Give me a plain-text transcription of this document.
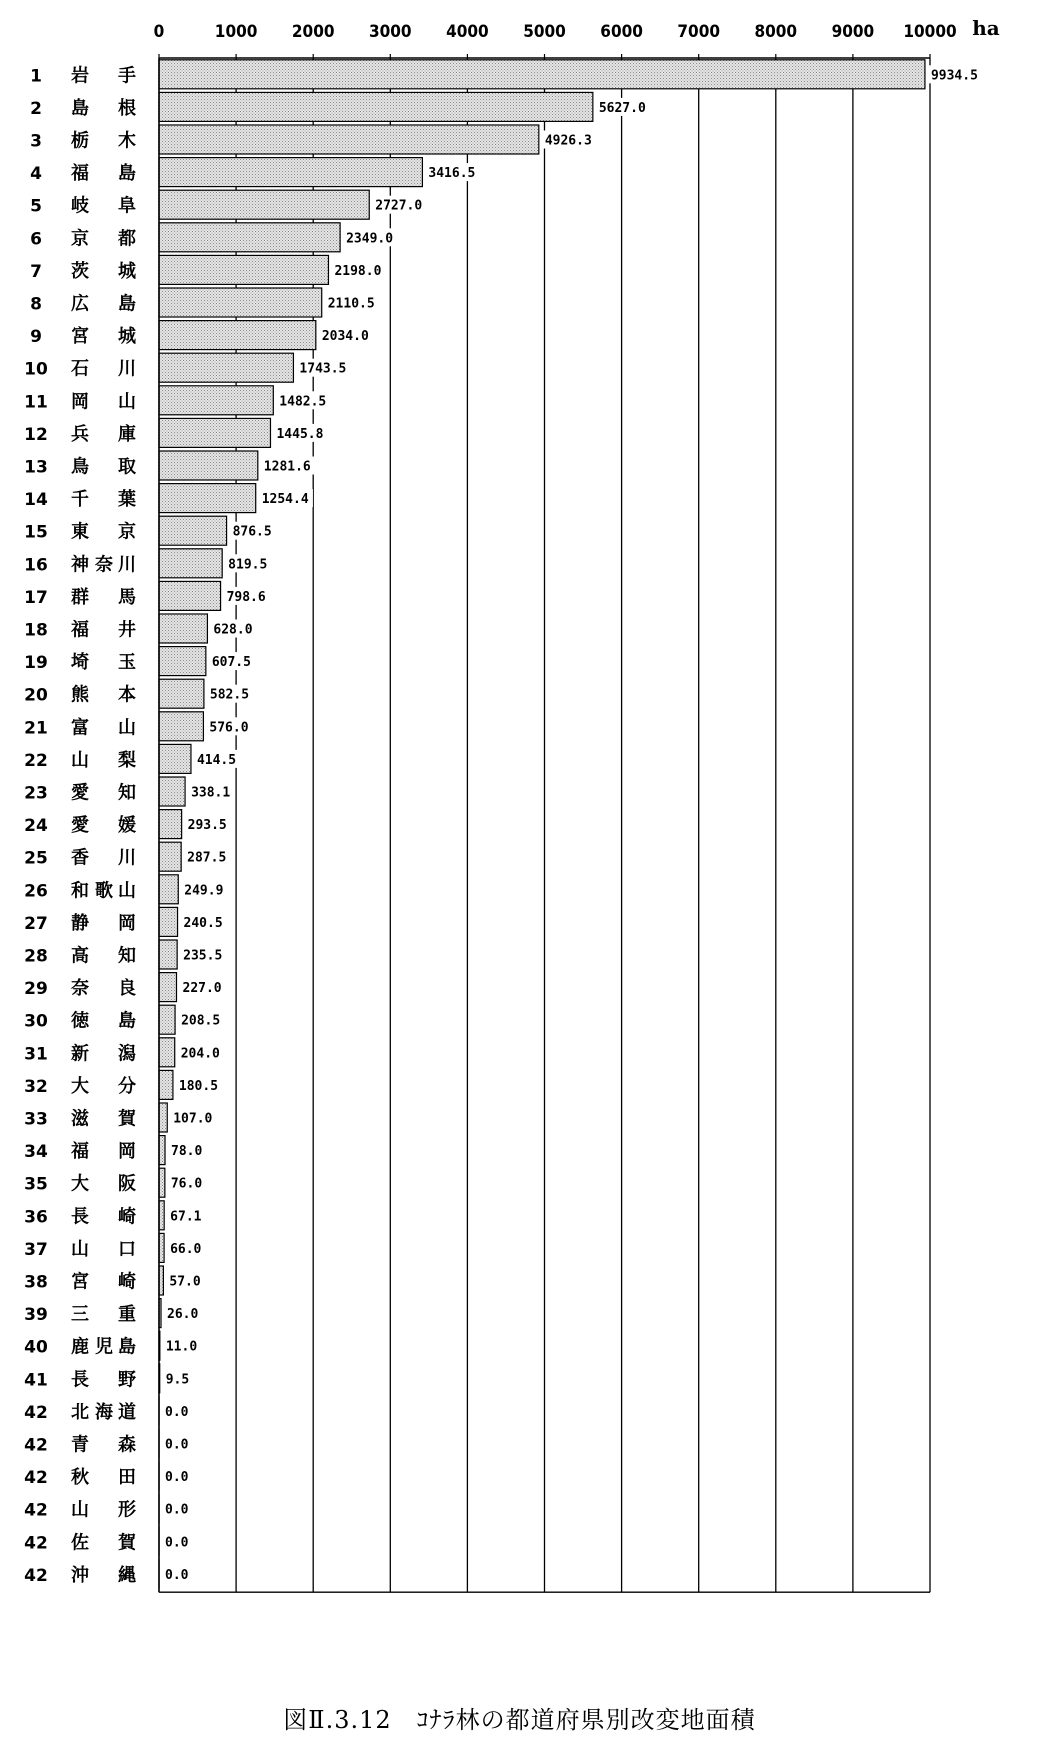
0	1000 2000 3000 4000 5000 6000 7000 8000 9000 10000 ha
1 岩 手
2 島 根
3 栃 木
4 福 島
5 岐 阜
6 京 都
7 茨 城
8 広 島
9 宮 城
10 石 川
11 岡 山
12 兵 庫
13 鳥 取
14 千 葉
15 東 京
16 神 奈 川
17 群 馬
18 福 井
19 埼 玉
20 熊 本
21 富 山
22 山 梨
23 愛 知
24 愛 媛
25 香 川
26 和 歌 山
27 静 岡
28 高 知
29 奈 良
30 徳 島
31 新 潟
32 大 分
33 滋 賀
34 福 岡
35 大 阪
36 長 崎
37 山 口
38 宮 崎
39 三 重
40 鹿 児 島
41 長 野
42 北 海 道
42 青 森
42 秋 田
42 山 形
42 佐 賀
42 沖 縄
9934.5
5627.0
4926.3
3416.5
2727.0
2349.0
2198.0
2110.5
2034.0
1743.5
1482.5
1445.8
1281.6
1254.4
876.5
819.5
798.6
628.0
607.5
582.5
576.0
414.5
338.1
293.5
287.5
249.9
240.5
235.5
227.0
208.5
204.0
180.5
107.0
78.0
76.0
67.1
66.0
57.0
26.0
11.0
9.5
0.0
0.0
0.0
0.0
0.0
0.0
図Ⅱ.3.12　ｺﾅﾗ林の都道府県別改変地面積
